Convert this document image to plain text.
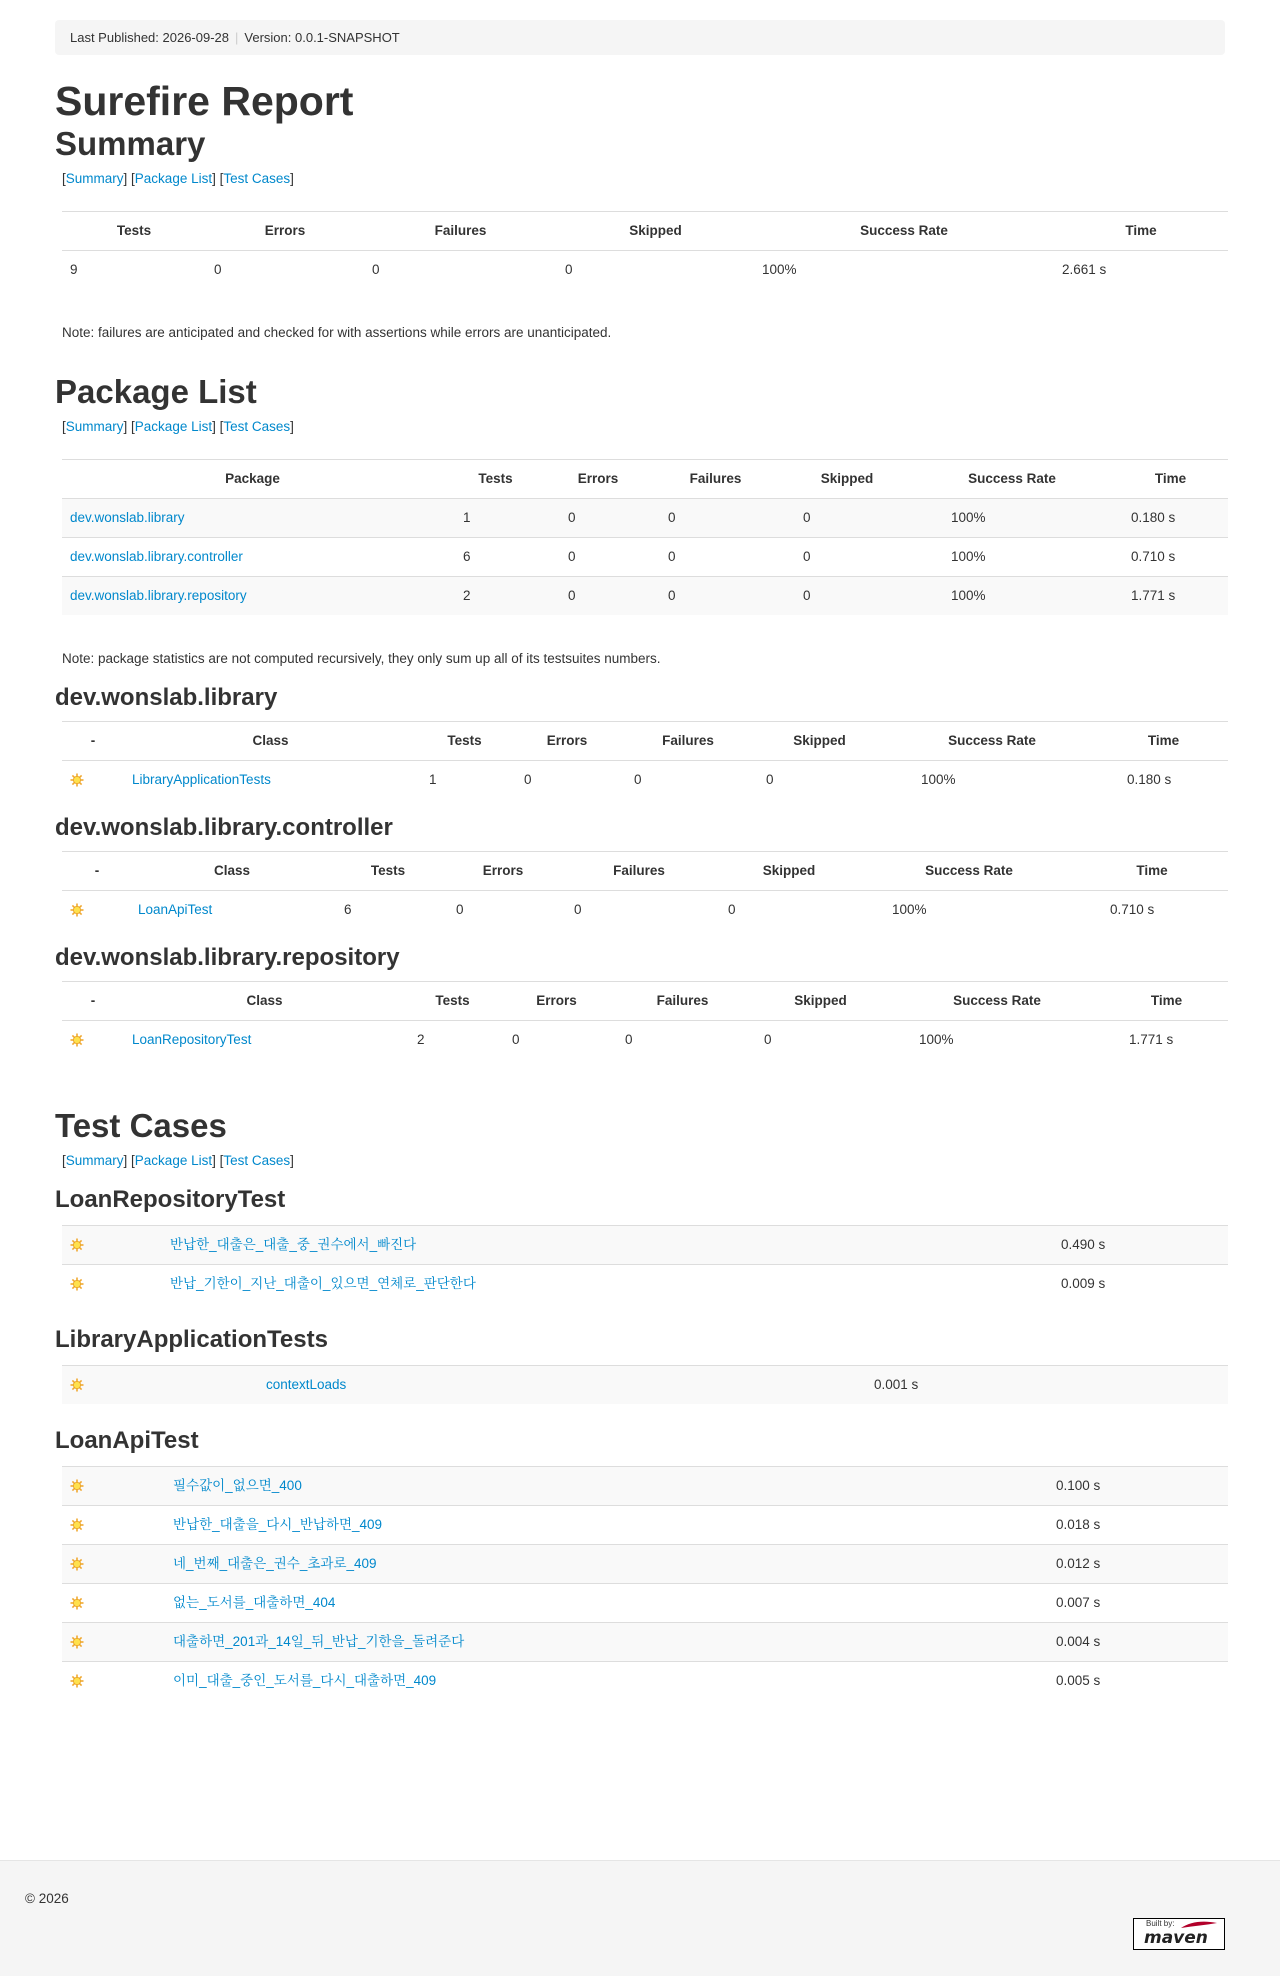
Last Published: 2026-09-28 | Version: 0.0.1-SNAPSHOT
Surefire Report
Summary
[Summary] [Package List] [Test Cases]
Tests	Errors	Failures	Skipped	Success Rate	Time
9	0	0	0	100%	2.661 s

Note: failures are anticipated and checked for with assertions while errors are unanticipated.

Package List
[Summary] [Package List] [Test Cases]
Package	Tests	Errors	Failures	Skipped	Success Rate	Time
dev.wonslab.library	1	0	0	0	100%	0.180 s
dev.wonslab.library.controller	6	0	0	0	100%	0.710 s
dev.wonslab.library.repository	2	0	0	0	100%	1.771 s

Note: package statistics are not computed recursively, they only sum up all of its testsuites numbers.

dev.wonslab.library
-	Class	Tests	Errors	Failures	Skipped	Success Rate	Time
	LibraryApplicationTests	1	0	0	0	100%	0.180 s
dev.wonslab.library.controller
-	Class	Tests	Errors	Failures	Skipped	Success Rate	Time
	LoanApiTest	6	0	0	0	100%	0.710 s
dev.wonslab.library.repository
-	Class	Tests	Errors	Failures	Skipped	Success Rate	Time
	LoanRepositoryTest	2	0	0	0	100%	1.771 s
Test Cases
[Summary] [Package List] [Test Cases]
LoanRepositoryTest
	반납한_대출은_대출_중_권수에서_빠진다	0.490 s
	반납_기한이_지난_대출이_있으면_연체로_판단한다	0.009 s
LibraryApplicationTests
	contextLoads	0.001 s
LoanApiTest
	필수값이_없으면_400	0.100 s
	반납한_대출을_다시_반납하면_409	0.018 s
	네_번째_대출은_권수_초과로_409	0.012 s
	없는_도서를_대출하면_404	0.007 s
	대출하면_201과_14일_뒤_반납_기한을_돌려준다	0.004 s
	이미_대출_중인_도서를_다시_대출하면_409	0.005 s
© 2026
Built by:
maven
